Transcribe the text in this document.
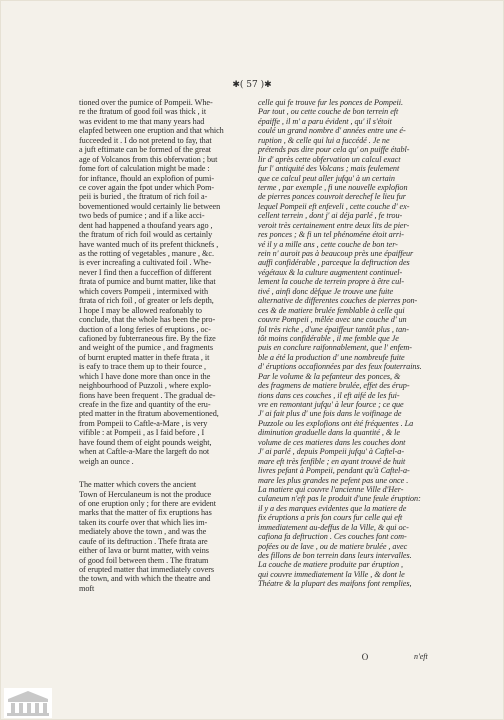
✱( 57 )✱
tioned over the pumice of Pompeii. Whe-
re the ftratum of good foil was thick , it
was evident to me that many years had
elapfed between one eruption and that which
fucceeded it . I do not pretend to fay, that
a juft eftimate can be formed of the great
age of Volcanos from this obfervation ; but
fome fort of calculation might be made :
for inftance, fhould an explofion of pumi-
ce cover again the fpot under which Pom-
peii is buried , the ftratum of rich foil a-
bovementioned would certainly lie between
two beds of pumice ; and if a like acci-
dent had happened a thoufand years ago ,
the ftratum of rich foil would as certainly
have wanted much of its prefent thicknefs ,
as the rotting of vegetables , manure , &c.
is ever increafing a cultivated foil . Whe-
never I find then a fucceffion of different
ftrata of pumice and burnt matter, like that
which covers Pompeii , intermixed with
ftrata of rich foil , of greater or lefs depth,
I hope I may be allowed reafonably to
conclude, that the whole has been the pro-
duction of a long feries of eruptions , oc-
cafioned by fubterraneous fire. By the fize
and weight of the pumice , and fragments
of burnt erupted matter in thefe ftrata , it
is eafy to trace them up to their fource ,
which I have done more than once in the
neighbourhood of Puzzoli , where explo-
fions have been frequent . The gradual de-
creafe in the fize and quantity of the eru-
pted matter in the ftratum abovementioned,
from Pompeii to Caftle-a-Mare , is very
vifible : at Pompeii , as I faid before , I
have found them of eight pounds weight,
when at Caftle-a-Mare the largeft do not
weigh an ounce .
The matter which covers the ancient
Town of Herculaneum is not the produce
of one eruption only ; for there are evident
marks that the matter of fix eruptions has
taken its courfe over that which lies im-
mediately above the town , and was the
caufe of its deftruction . Thefe ftrata are
either of lava or burnt matter, with veins
of good foil between them . The ftratum
of erupted matter that immediately covers
the town, and with which the theatre and
moft
celle qui fe trouve fur les ponces de Pompeii.
Par tout , ou cette couche de bon terrein eft
épaiffe , il m' a paru évident , qu' il s'étoit
coulé un grand nombre d' années entre une é-
ruption , & celle qui lui a fuccédé . Je ne
prétends pas dire pour cela qu' on puiffe établ-
lir d' après cette obfervation un calcul exact
fur l' antiquité des Volcans ; mais feulement
que ce calcul peut aller jufqu' à un certain
terme , par exemple , fi une nouvelle explofion
de pierres ponces couvroit derechef le lieu fur
lequel Pompeii eft enfeveli , cette couche d' ex-
cellent terrein , dont j' ai déja parlé , fe trou-
veroit très certainement entre deux lits de pier-
res ponces ; & fi un tel phénoméne étoit arri-
vé il y a mille ans , cette couche de bon ter-
rein n' auroit pas à beaucoup près une épaiffeur
auffi confidérable , parceque la deftruction des
végétaux & la culture augmentent continuel-
lement la couche de terrein propre à être cul-
tivé , ainfi donc dèfque Je trouve une fuite
alternative de differentes couches de pierres pon-
ces & de matiere brulée femblable à celle qui
couvre Pompeii , mêlée avec une couche d' un
fol très riche , d'une épaiffeur tantôt plus , tan-
tôt moins confidérable , il me femble que Je
puis en conclure raifonnablement, que l' enfem-
ble a été la production d' une nombreufe fuite
d' éruptions occafionnées par des feux fouterrains.
Par le volume & la pefanteur des ponces, &
des fragmens de matiere brulée, effet des érup-
tions dans ces couches , il eft aifé de les fui-
vre en remontant jufqu' à leur fource ; ce que
J' ai fait plus d' une fois dans le voifinage de
Puzzole ou les explofions ont été fréquentes . La
diminution graduelle dans la quantité , & le
volume de ces matieres dans les couches dont
J' ai parlé , depuis Pompeii jufqu' à Caftel-a-
mare eft très fenfible ; en ayant trouvé de huit
livres pefant à Pompeii, pendant qu'à Caftel-a-
mare les plus grandes ne pefent pas une once .
La matiere qui couvre l'ancienne Ville d'Her-
culaneum n'eft pas le produit d'une feule éruption:
il y a des marques evidentes que la matiere de
fix éruptions a pris fon cours fur celle qui eft
immediatement au-deffus de la Ville, & qui oc-
cafiona fa deftruction . Ces couches font com-
pofées ou de lave , ou de matiere brulée , avec
des fillons de bon terrein dans leurs intervalles.
La couche de matiere produite par éruption ,
qui couvre immediatement la Ville , & dont le
Théatre & la plupart des maifons font remplies,
O	n'eft
